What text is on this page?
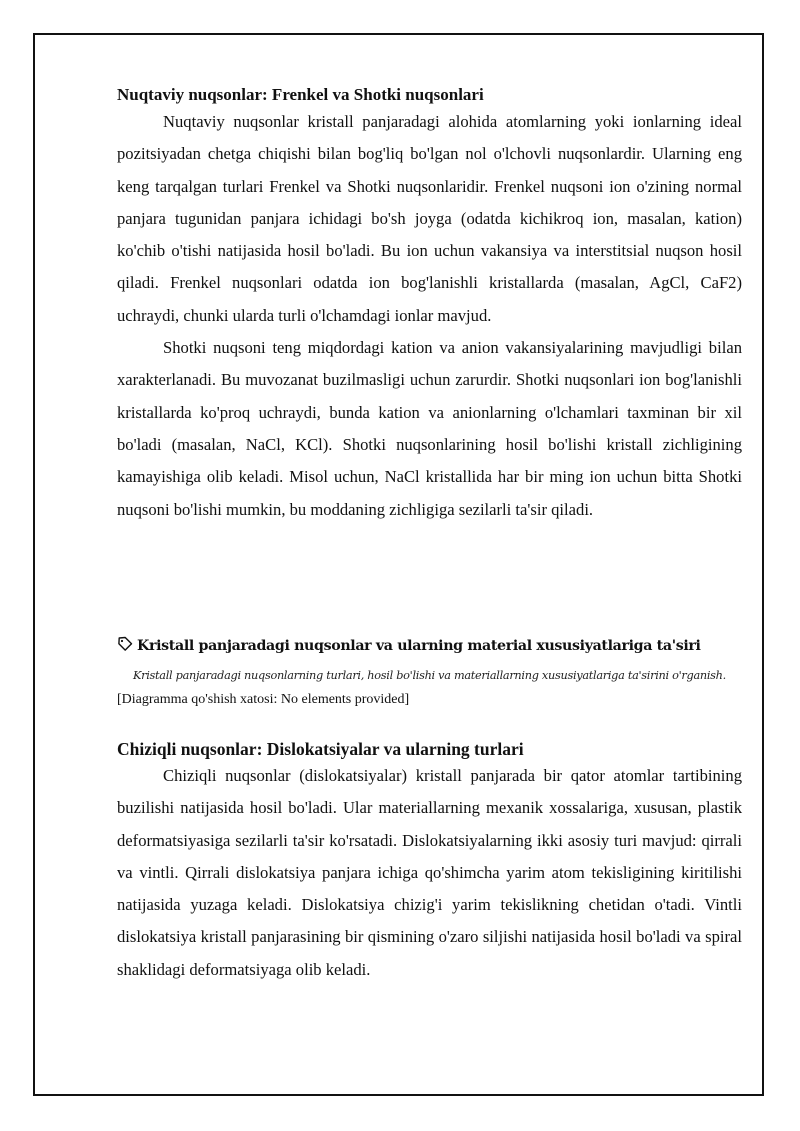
Nuqtaviy nuqsonlar: Frenkel va Shotki nuqsonlari

Nuqtaviy nuqsonlar kristall panjaradagi alohida atomlarning yoki ionlarning ideal pozitsiyadan chetga chiqishi bilan bog'liq bo'lgan nol o'lchovli nuqsonlardir. Ularning eng keng tarqalgan turlari Frenkel va Shotki nuqsonlaridir. Frenkel nuqsoni ion o'zining normal panjara tugunidan panjara ichidagi bo'sh joyga (odatda kichikroq ion, masalan, kation) ko'chib o'tishi natijasida hosil bo'ladi. Bu ion uchun vakansiya va interstitsial nuqson hosil qiladi. Frenkel nuqsonlari odatda ion bog'lanishli kristallarda (masalan, AgCl, CaF2) uchraydi, chunki ularda turli o'lchamdagi ionlar mavjud.

Shotki nuqsoni teng miqdordagi kation va anion vakansiyalarining mavjudligi bilan xarakterlanadi. Bu muvozanat buzilmasligi uchun zarurdir. Shotki nuqsonlari ion bog'lanishli kristallarda ko'proq uchraydi, bunda kation va anionlarning o'lchamlari taxminan bir xil bo'ladi (masalan, NaCl, KCl). Shotki nuqsonlarining hosil bo'lishi kristall zichligining kamayishiga olib keladi. Misol uchun, NaCl kristallida har bir ming ion uchun bitta Shotki nuqsoni bo'lishi mumkin, bu moddaning zichligiga sezilarli ta'sir qiladi.

Kristall panjaradagi nuqsonlar va ularning material xususiyatlariga ta'siri
Kristall panjaradagi nuqsonlarning turlari, hosil bo'lishi va materiallarning xususiyatlariga ta'sirini o'rganish.
[Diagramma qo'shish xatosi: No elements provided]
Chiziqli nuqsonlar: Dislokatsiyalar va ularning turlari

Chiziqli nuqsonlar (dislokatsiyalar) kristall panjarada bir qator atomlar tartibining buzilishi natijasida hosil bo'ladi. Ular materiallarning mexanik xossalariga, xususan, plastik deformatsiyasiga sezilarli ta'sir ko'rsatadi. Dislokatsiyalarning ikki asosiy turi mavjud: qirrali va vintli. Qirrali dislokatsiya panjara ichiga qo'shimcha yarim atom tekisligining kiritilishi natijasida yuzaga keladi. Dislokatsiya chizig'i yarim tekislikning chetidan o'tadi. Vintli dislokatsiya kristall panjarasining bir qismining o'zaro siljishi natijasida hosil bo'ladi va spiral shaklidagi deformatsiyaga olib keladi.
